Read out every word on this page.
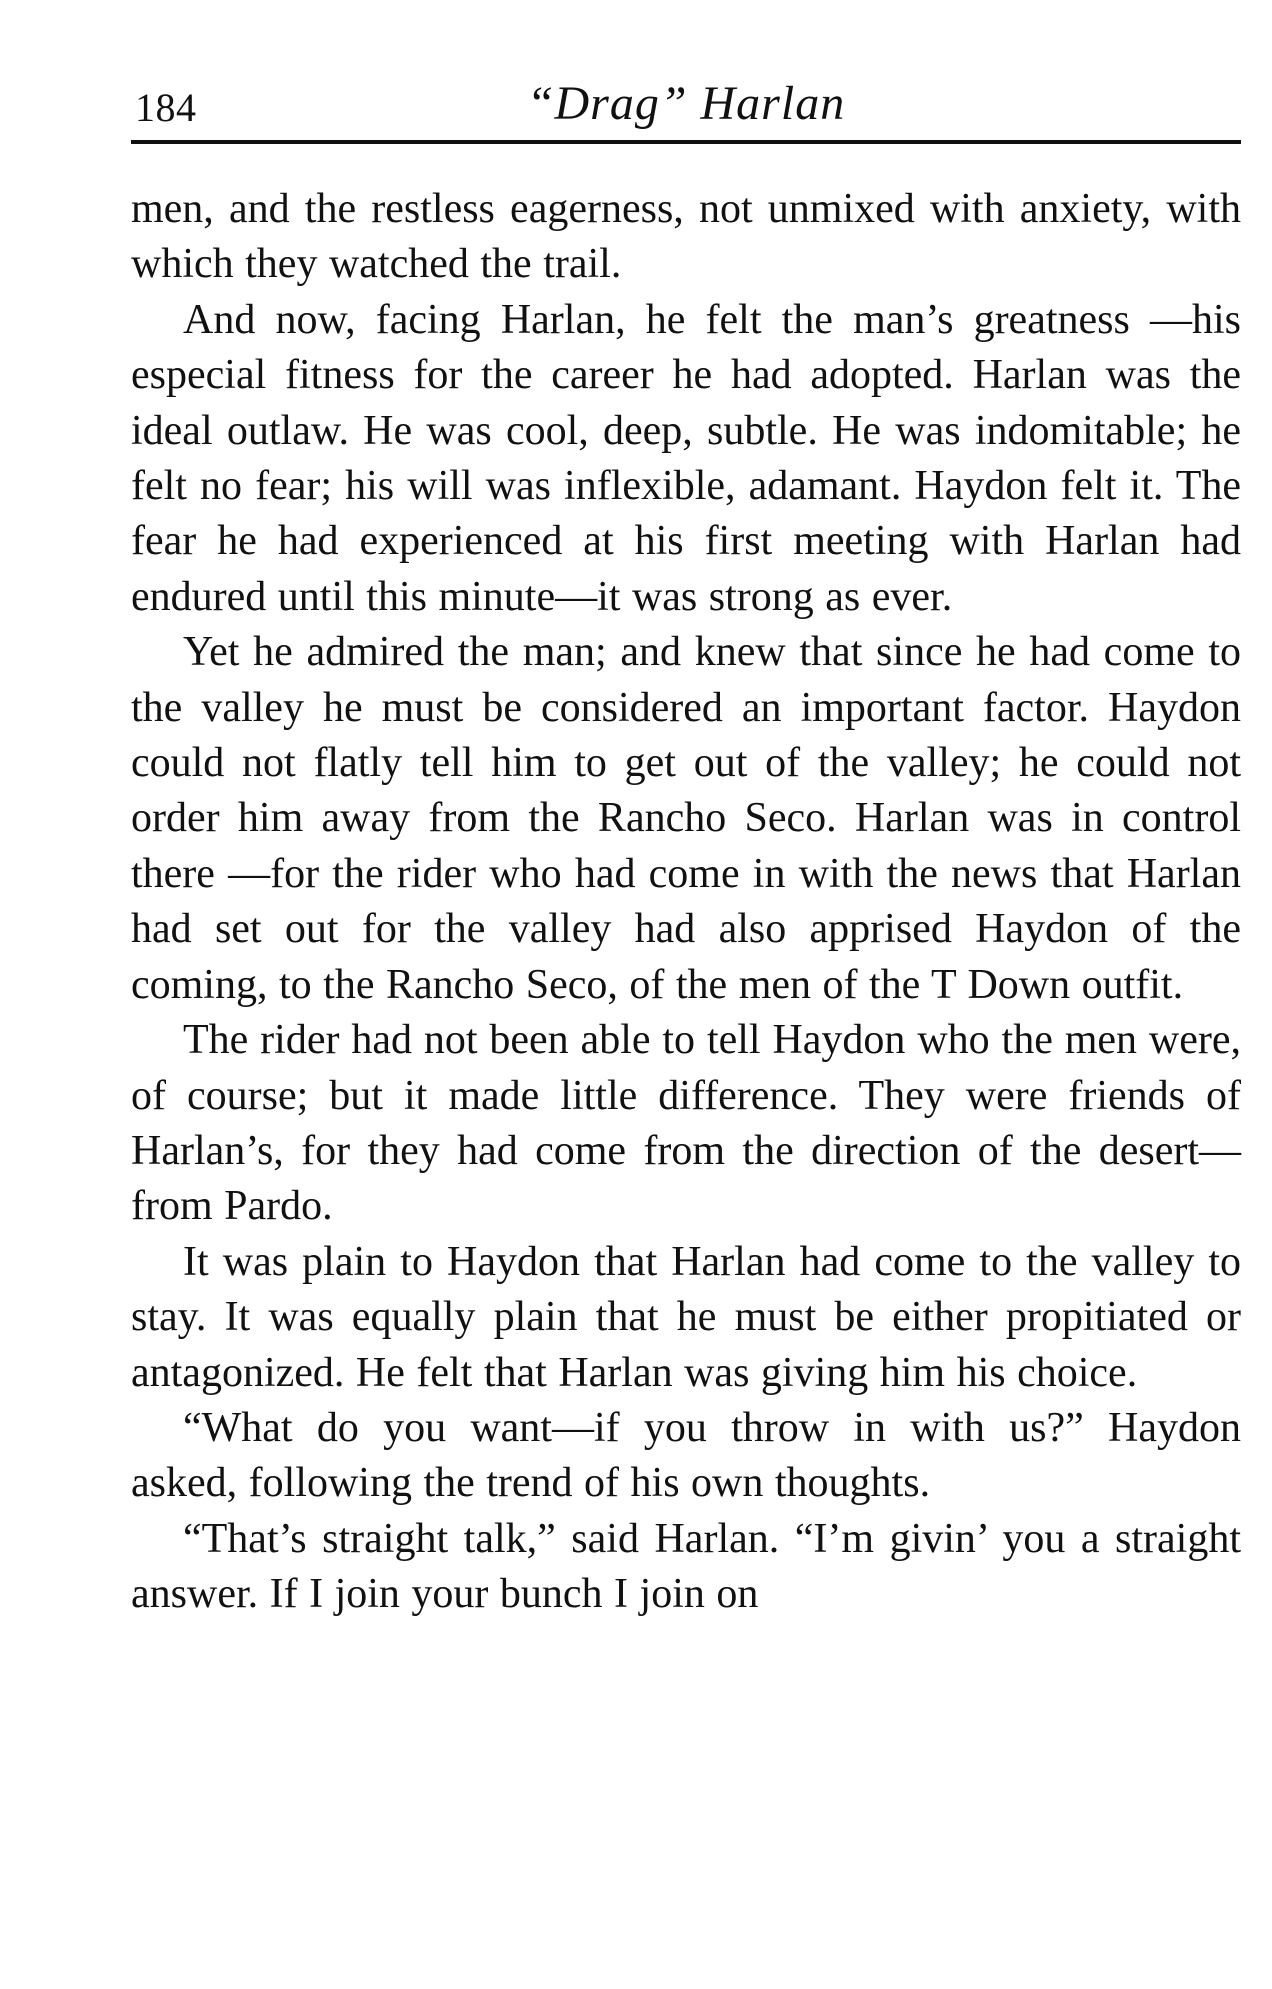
184	“Drag” Harlan

men, and the restless eagerness, not unmixed with anxiety, with which they watched the trail.

And now, facing Harlan, he felt the man’s greatness —his especial fitness for the career he had adopted. Harlan was the ideal outlaw. He was cool, deep, subtle. He was indomitable; he felt no fear; his will was inflexible, adamant. Haydon felt it. The fear he had experienced at his first meeting with Harlan had endured until this minute—it was strong as ever.

Yet he admired the man; and knew that since he had come to the valley he must be considered an important factor. Haydon could not flatly tell him to get out of the valley; he could not order him away from the Rancho Seco. Harlan was in control there —for the rider who had come in with the news that Harlan had set out for the valley had also apprised Haydon of the coming, to the Rancho Seco, of the men of the T Down outfit.

The rider had not been able to tell Haydon who the men were, of course; but it made little difference. They were friends of Harlan’s, for they had come from the direction of the desert—from Pardo.

It was plain to Haydon that Harlan had come to the valley to stay. It was equally plain that he must be either propitiated or antagonized. He felt that Harlan was giving him his choice.

“What do you want—if you throw in with us?” Haydon asked, following the trend of his own thoughts.

“That’s straight talk,” said Harlan. “I’m givin’ you a straight answer. If I join your bunch I join on
